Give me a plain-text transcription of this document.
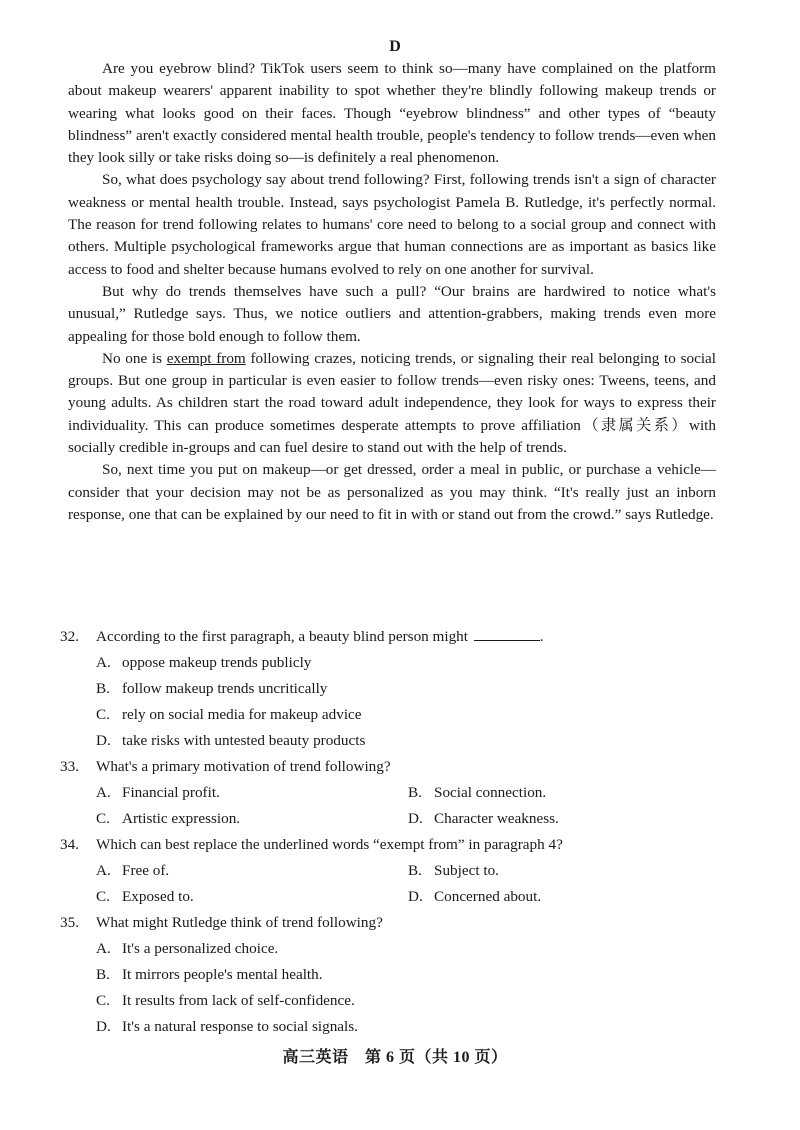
D

Are you eyebrow blind? TikTok users seem to think so—many have complained on the platform about makeup wearers' apparent inability to spot whether they're blindly following makeup trends or wearing what looks good on their faces. Though “eyebrow blindness” and other types of “beauty blindness” aren't exactly considered mental health trouble, people's tendency to follow trends—even when they look silly or take risks doing so—is definitely a real phenomenon.

So, what does psychology say about trend following? First, following trends isn't a sign of character weakness or mental health trouble. Instead, says psychologist Pamela B. Rutledge, it's perfectly normal. The reason for trend following relates to humans' core need to belong to a social group and connect with others. Multiple psychological frameworks argue that human connections are as important as basics like access to food and shelter because humans evolved to rely on one another for survival.

But why do trends themselves have such a pull? “Our brains are hardwired to notice what's unusual,” Rutledge says. Thus, we notice outliers and attention-grabbers, making trends even more appealing for those bold enough to follow them.

No one is exempt from following crazes, noticing trends, or signaling their real belonging to social groups. But one group in particular is even easier to follow trends—even risky ones: Tweens, teens, and young adults. As children start the road toward adult independence, they look for ways to express their individuality. This can produce sometimes desperate attempts to prove affiliation（隶属关系）with socially credible in-groups and can fuel desire to stand out with the help of trends.

So, next time you put on makeup—or get dressed, order a meal in public, or purchase a vehicle—consider that your decision may not be as personalized as you may think. “It's really just an inborn response, one that can be explained by our need to fit in with or stand out from the crowd.” says Rutledge.

32. According to the first paragraph, a beauty blind person might	.
A. oppose makeup trends publicly
B. follow makeup trends uncritically
C. rely on social media for makeup advice
D. take risks with untested beauty products
33. What's a primary motivation of trend following?
A. Financial profit.	B. Social connection.
C. Artistic expression.	D. Character weakness.
34. Which can best replace the underlined words “exempt from” in paragraph 4?
A. Free of.	B. Subject to.
C. Exposed to.	D. Concerned about.
35. What might Rutledge think of trend following?
A. It's a personalized choice.
B. It mirrors people's mental health.
C. It results from lack of self-confidence.
D. It's a natural response to social signals.
高三英语　第 6 页（共 10 页）
